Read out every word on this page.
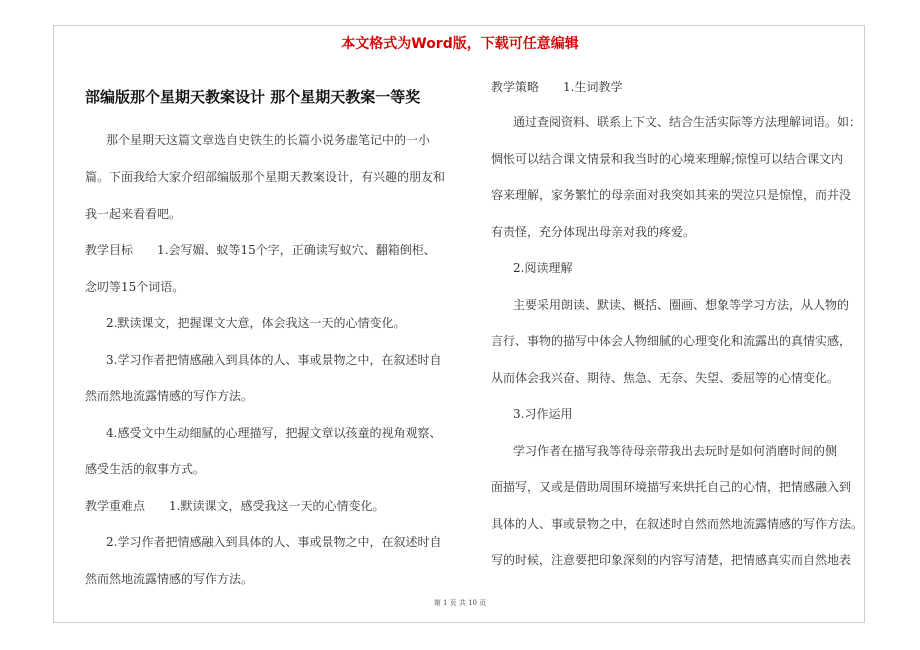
本文格式为Word版，下载可任意编辑
部编版那个星期天教案设计 那个星期天教案一等奖
那个星期天这篇文章选自史铁生的长篇小说务虚笔记中的一小
篇。下面我给大家介绍部编版那个星期天教案设计，有兴趣的朋友和
我一起来看看吧。
教学目标　　1.会写媚、蚁等15个字，正确读写蚁穴、翻箱倒柜、
念叨等15个词语。
2.默读课文，把握课文大意，体会我这一天的心情变化。
3.学习作者把情感融入到具体的人、事或景物之中，在叙述时自
然而然地流露情感的写作方法。
4.感受文中生动细腻的心理描写，把握文章以孩童的视角观察、
感受生活的叙事方式。
教学重难点　　1.默读课文，感受我这一天的心情变化。
2.学习作者把情感融入到具体的人、事或景物之中，在叙述时自
然而然地流露情感的写作方法。
教学策略　　1.生词教学
通过查阅资料、联系上下文、结合生活实际等方法理解词语。如：
惆怅可以结合课文情景和我当时的心境来理解;惊惶可以结合课文内
容来理解，家务繁忙的母亲面对我突如其来的哭泣只是惊惶，而并没
有责怪，充分体现出母亲对我的疼爱。
2.阅读理解
主要采用朗读、默读、概括、圈画、想象等学习方法，从人物的
言行、事物的描写中体会人物细腻的心理变化和流露出的真情实感，
从而体会我兴奋、期待、焦急、无奈、失望、委屈等的心情变化。
3.习作运用
学习作者在描写我等待母亲带我出去玩时是如何消磨时间的侧
面描写，又或是借助周围环境描写来烘托自己的心情，把情感融入到
具体的人、事或景物之中，在叙述时自然而然地流露情感的写作方法。
写的时候，注意要把印象深刻的内容写清楚，把情感真实而自然地表
第 1 页 共 10 页
